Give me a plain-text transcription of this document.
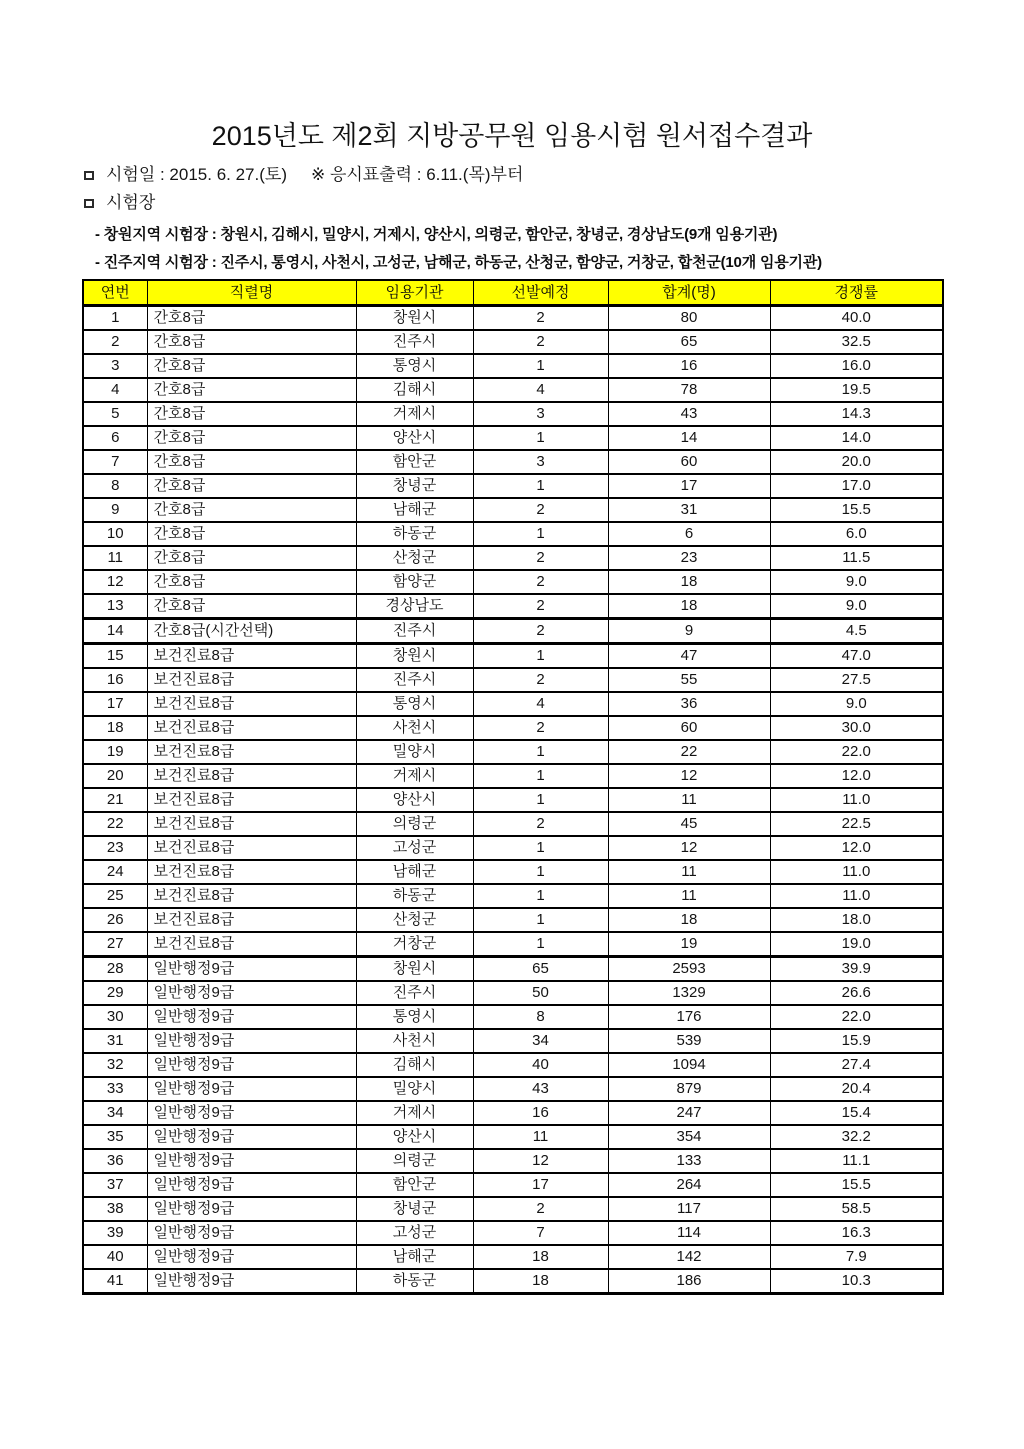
2015년도 제2회 지방공무원 임용시험 원서접수결과
시험일 : 2015. 6. 27.(토) ※ 응시표출력 : 6.11.(목)부터
시험장
- 창원지역 시험장 : 창원시, 김해시, 밀양시, 거제시, 양산시, 의령군, 함안군, 창녕군, 경상남도(9개 임용기관)
- 진주지역 시험장 : 진주시, 통영시, 사천시, 고성군, 남해군, 하동군, 산청군, 함양군, 거창군, 합천군(10개 임용기관)
연번	직렬명	임용기관	선발예정	합계(명)	경쟁률
1	간호8급	창원시	2	80	40.0
2	간호8급	진주시	2	65	32.5
3	간호8급	통영시	1	16	16.0
4	간호8급	김해시	4	78	19.5
5	간호8급	거제시	3	43	14.3
6	간호8급	양산시	1	14	14.0
7	간호8급	함안군	3	60	20.0
8	간호8급	창녕군	1	17	17.0
9	간호8급	남해군	2	31	15.5
10	간호8급	하동군	1	6	6.0
11	간호8급	산청군	2	23	11.5
12	간호8급	함양군	2	18	9.0
13	간호8급	경상남도	2	18	9.0
14	간호8급(시간선택)	진주시	2	9	4.5
15	보건진료8급	창원시	1	47	47.0
16	보건진료8급	진주시	2	55	27.5
17	보건진료8급	통영시	4	36	9.0
18	보건진료8급	사천시	2	60	30.0
19	보건진료8급	밀양시	1	22	22.0
20	보건진료8급	거제시	1	12	12.0
21	보건진료8급	양산시	1	11	11.0
22	보건진료8급	의령군	2	45	22.5
23	보건진료8급	고성군	1	12	12.0
24	보건진료8급	남해군	1	11	11.0
25	보건진료8급	하동군	1	11	11.0
26	보건진료8급	산청군	1	18	18.0
27	보건진료8급	거창군	1	19	19.0
28	일반행정9급	창원시	65	2593	39.9
29	일반행정9급	진주시	50	1329	26.6
30	일반행정9급	통영시	8	176	22.0
31	일반행정9급	사천시	34	539	15.9
32	일반행정9급	김해시	40	1094	27.4
33	일반행정9급	밀양시	43	879	20.4
34	일반행정9급	거제시	16	247	15.4
35	일반행정9급	양산시	11	354	32.2
36	일반행정9급	의령군	12	133	11.1
37	일반행정9급	함안군	17	264	15.5
38	일반행정9급	창녕군	2	117	58.5
39	일반행정9급	고성군	7	114	16.3
40	일반행정9급	남해군	18	142	7.9
41	일반행정9급	하동군	18	186	10.3
